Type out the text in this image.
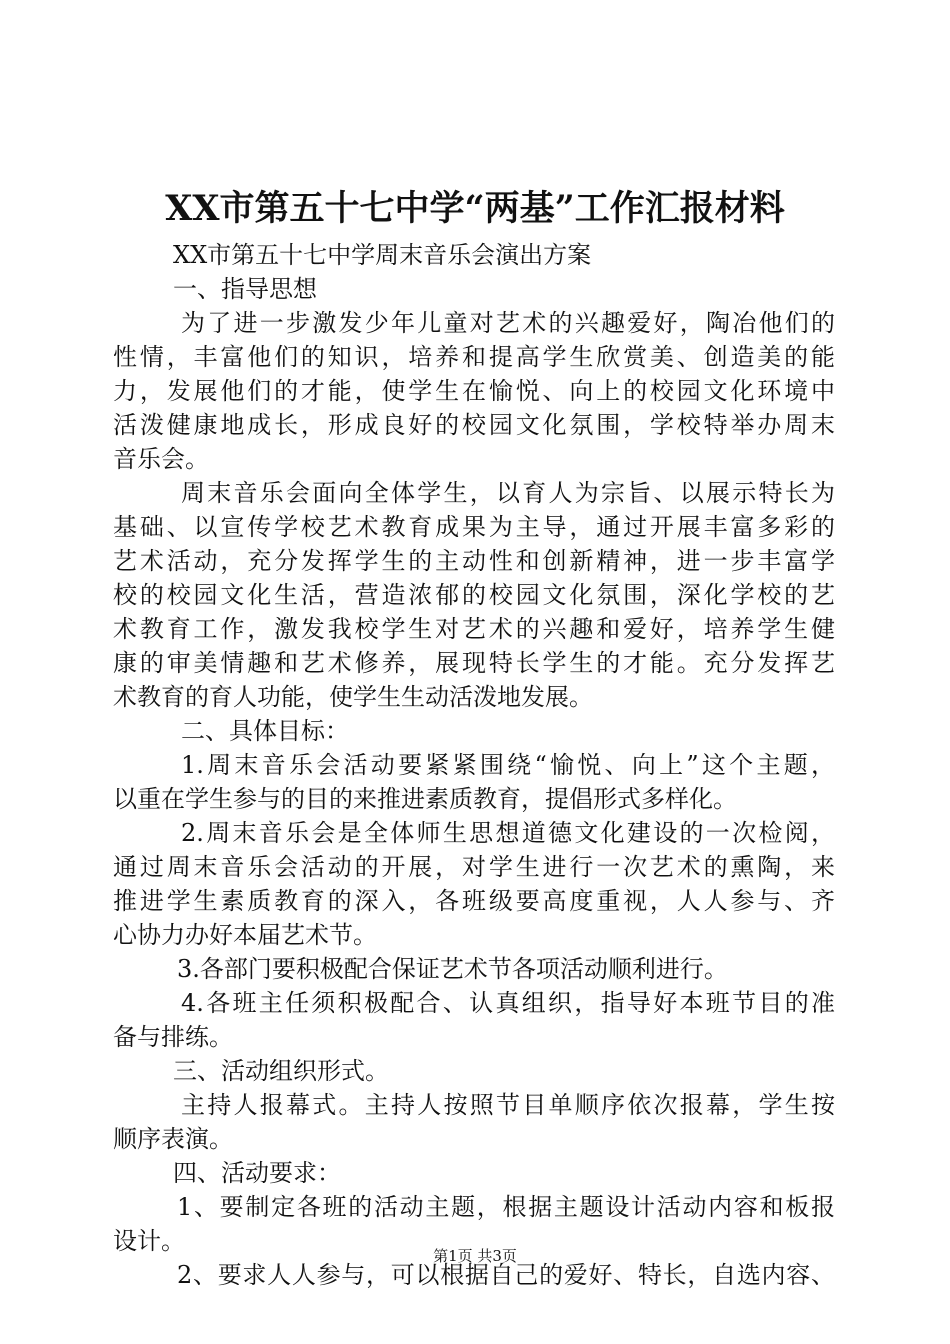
XX市第五十七中学“两基”工作汇报材料
XX市第五十七中学周末音乐会演出方案
一、指导思想
为了进一步激发少年儿童对艺术的兴趣爱好，陶冶他们的
性情，丰富他们的知识，培养和提高学生欣赏美、创造美的能
力，发展他们的才能，使学生在愉悦、向上的校园文化环境中
活泼健康地成长，形成良好的校园文化氛围，学校特举办周末
音乐会。
周末音乐会面向全体学生，以育人为宗旨、以展示特长为
基础、以宣传学校艺术教育成果为主导，通过开展丰富多彩的
艺术活动，充分发挥学生的主动性和创新精神，进一步丰富学
校的校园文化生活，营造浓郁的校园文化氛围，深化学校的艺
术教育工作，激发我校学生对艺术的兴趣和爱好，培养学生健
康的审美情趣和艺术修养，展现特长学生的才能。充分发挥艺
术教育的育人功能，使学生生动活泼地发展。
二、具体目标：
1.周末音乐会活动要紧紧围绕“愉悦、向上”这个主题，
以重在学生参与的目的来推进素质教育，提倡形式多样化。
2.周末音乐会是全体师生思想道德文化建设的一次检阅，
通过周末音乐会活动的开展，对学生进行一次艺术的熏陶，来
推进学生素质教育的深入，各班级要高度重视，人人参与、齐
心协力办好本届艺术节。
3.各部门要积极配合保证艺术节各项活动顺利进行。
4.各班主任须积极配合、认真组织，指导好本班节目的准
备与排练。
三、活动组织形式。
主持人报幕式。主持人按照节目单顺序依次报幕，学生按
顺序表演。
四、活动要求：
1、要制定各班的活动主题，根据主题设计活动内容和板报
设计。
2、要求人人参与，可以根据自己的爱好、特长，自选内容、
第1页 共3页
